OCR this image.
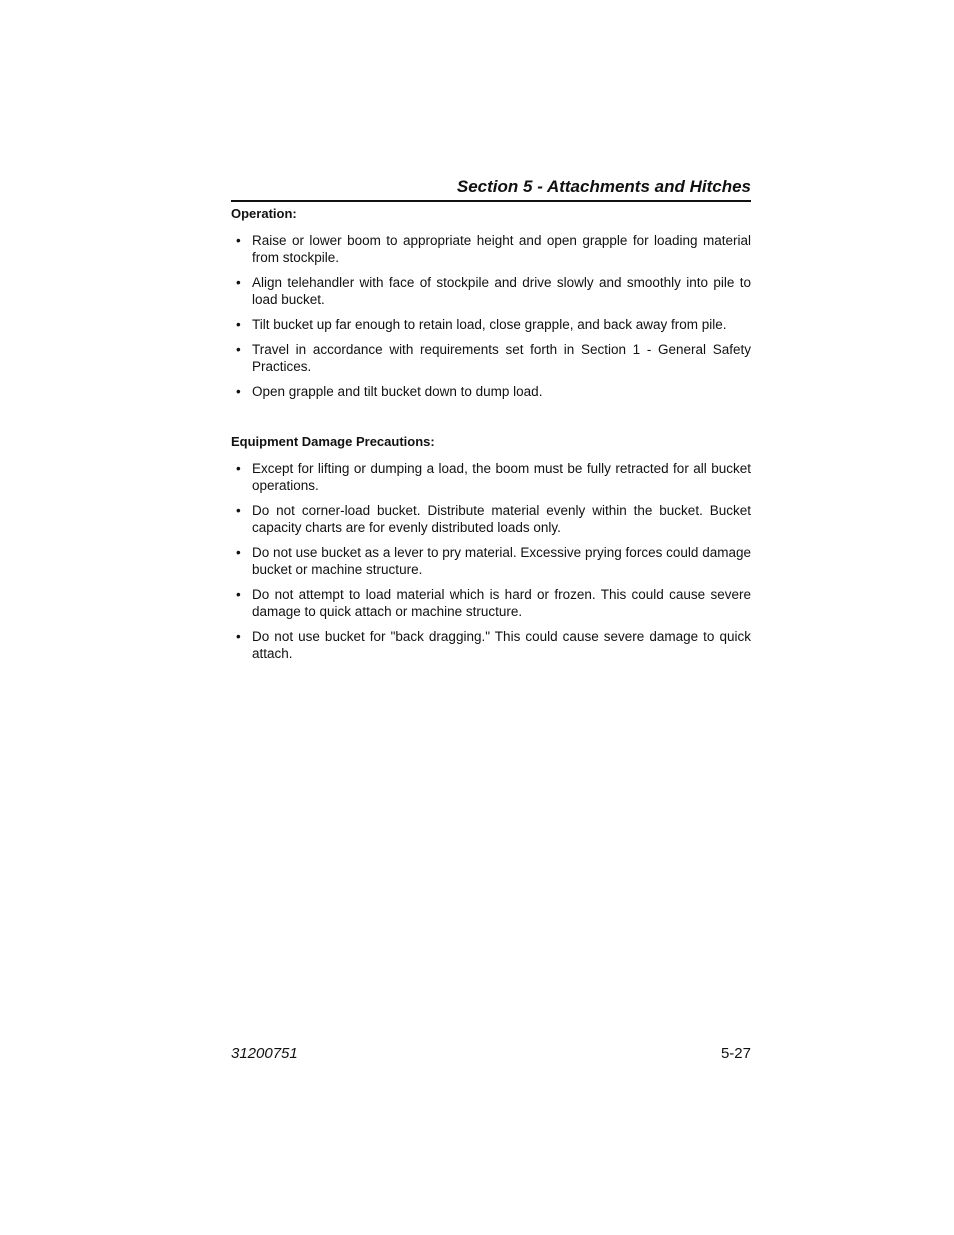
Section 5 - Attachments and Hitches

Operation:

• Raise or lower boom to appropriate height and open grapple for loading material from stockpile.
• Align telehandler with face of stockpile and drive slowly and smoothly into pile to load bucket.
• Tilt bucket up far enough to retain load, close grapple, and back away from pile.
• Travel in accordance with requirements set forth in Section 1 - General Safety Practices.
• Open grapple and tilt bucket down to dump load.

Equipment Damage Precautions:

• Except for lifting or dumping a load, the boom must be fully retracted for all bucket operations.
• Do not corner-load bucket. Distribute material evenly within the bucket. Bucket capacity charts are for evenly distributed loads only.
• Do not use bucket as a lever to pry material. Excessive prying forces could damage bucket or machine structure.
• Do not attempt to load material which is hard or frozen. This could cause severe damage to quick attach or machine structure.
• Do not use bucket for "back dragging." This could cause severe damage to quick attach.
31200751	5-27
